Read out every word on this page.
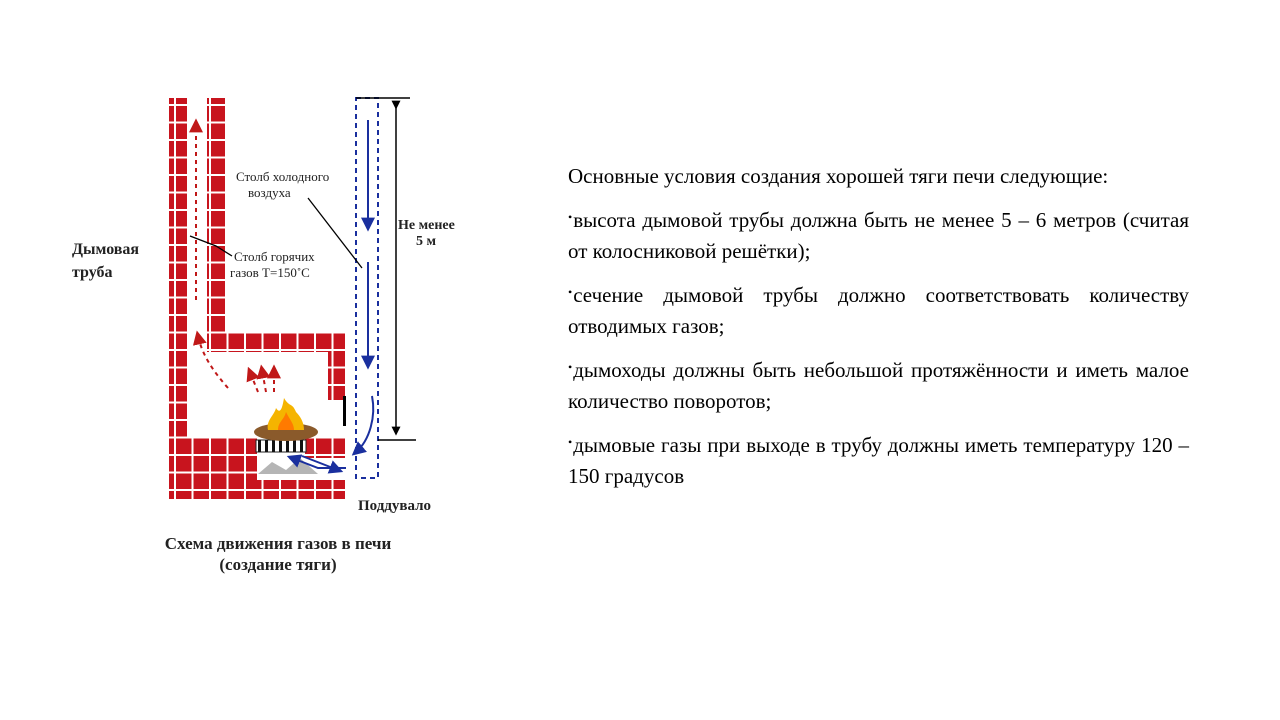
Дымовая
труба
Столб холодного
воздуха
Столб горячих
газов Т=150˚С
Не менее
5 м
Поддувало
Схема движения газов в печи
(создание тяги)

Основные условия создания хорошей тяги печи следующие:

•высота дымовой трубы должна быть не менее 5 – 6 метров (считая от колосниковой решётки);
•сечение дымовой трубы должно соответствовать количеству отводимых газов;
•дымоходы должны быть небольшой протяжённости и иметь малое количество поворотов;
•дымовые газы при выходе в трубу должны иметь температуру 120 – 150 градусов
